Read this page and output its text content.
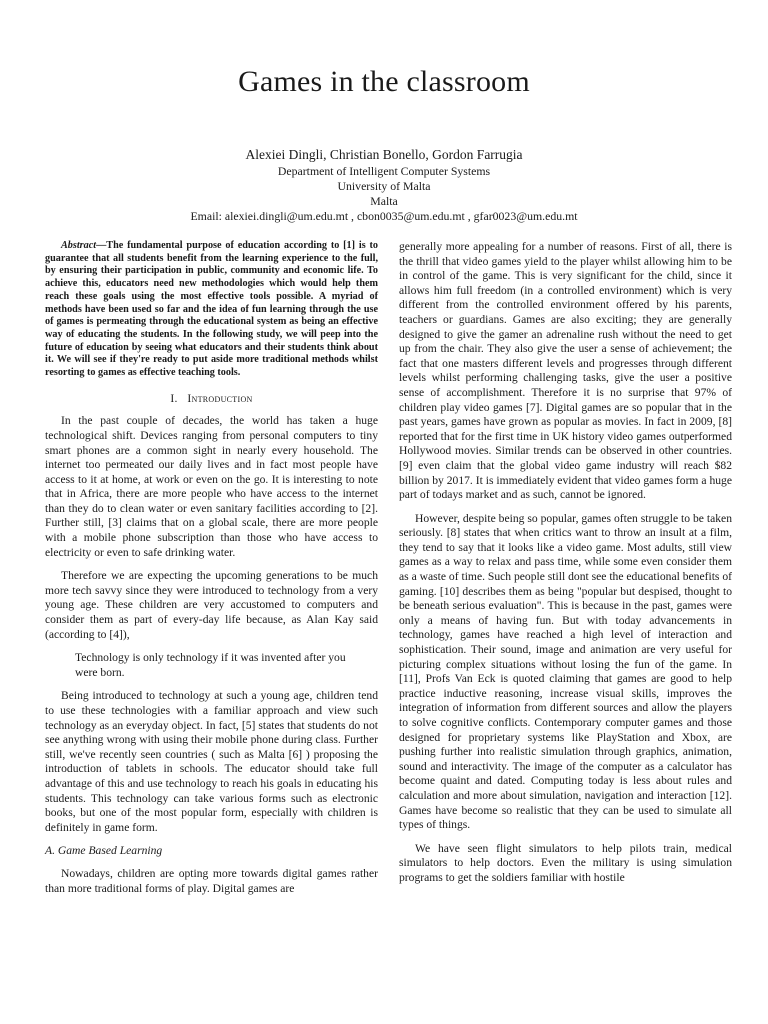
Games in the classroom
Alexiei Dingli, Christian Bonello, Gordon Farrugia
Department of Intelligent Computer Systems
University of Malta
Malta
Email: alexiei.dingli@um.edu.mt , cbon0035@um.edu.mt , gfar0023@um.edu.mt

Abstract—The fundamental purpose of education according to [1] is to guarantee that all students benefit from the learning experience to the full, by ensuring their participation in public, community and economic life. To achieve this, educators need new methodologies which would help them reach these goals using the most effective tools possible. A myriad of methods have been used so far and the idea of fun learning through the use of games is permeating through the educational system as being an effective way of educating the students. In the following study, we will peep into the future of education by seeing what educators and their students think about it. We will see if they're ready to put aside more traditional methods whilst resorting to games as effective teaching tools.

I. Introduction

In the past couple of decades, the world has taken a huge technological shift. Devices ranging from personal computers to tiny smart phones are a common sight in nearly every household. The internet too permeated our daily lives and in fact most people have access to it at home, at work or even on the go. It is interesting to note that in Africa, there are more people who have access to the internet than they do to clean water or even sanitary facilities according to [2]. Further still, [3] claims that on a global scale, there are more people with a mobile phone subscription than those who have access to electricity or even to safe drinking water.

Therefore we are expecting the upcoming generations to be much more tech savvy since they were introduced to technology from a very young age. These children are very accustomed to computers and consider them as part of every-day life because, as Alan Kay said (according to [4]),

Technology is only technology if it was invented after you were born.

Being introduced to technology at such a young age, children tend to use these technologies with a familiar approach and view such technology as an everyday object. In fact, [5] states that students do not see anything wrong with using their mobile phone during class. Further still, we've recently seen countries ( such as Malta [6] ) proposing the introduction of tablets in schools. The educator should take full advantage of this and use technology to reach his goals in educating his students. This technology can take various forms such as electronic books, but one of the most popular form, especially with children is definitely in game form.

A. Game Based Learning

Nowadays, children are opting more towards digital games rather than more traditional forms of play. Digital games are

generally more appealing for a number of reasons. First of all, there is the thrill that video games yield to the player whilst allowing him to be in control of the game. This is very significant for the child, since it allows him full freedom (in a controlled environment) which is very different from the controlled environment offered by his parents, teachers or guardians. Games are also exciting; they are generally designed to give the gamer an adrenaline rush without the need to get up from the chair. They also give the user a sense of achievement; the fact that one masters different levels and progresses through different levels whilst performing challenging tasks, give the user a positive sense of accomplishment. Therefore it is no surprise that 97% of children play video games [7]. Digital games are so popular that in the past years, games have grown as popular as movies. In fact in 2009, [8] reported that for the first time in UK history video games outperformed Hollywood movies. Similar trends can be observed in other countries. [9] even claim that the global video game industry will reach $82 billion by 2017. It is immediately evident that video games form a huge part of todays market and as such, cannot be ignored.

However, despite being so popular, games often struggle to be taken seriously. [8] states that when critics want to throw an insult at a film, they tend to say that it looks like a video game. Most adults, still view games as a way to relax and pass time, while some even consider them as a waste of time. Such people still dont see the educational benefits of gaming. [10] describes them as being "popular but despised, thought to be beneath serious evaluation". This is because in the past, games were only a means of having fun. But with today advancements in technology, games have reached a high level of interaction and sophistication. Their sound, image and animation are very useful for picturing complex situations without losing the fun of the game. In [11], Profs Van Eck is quoted claiming that games are good to help practice inductive reasoning, increase visual skills, improves the integration of information from different sources and allow the players to solve cognitive conflicts. Contemporary computer games and those designed for proprietary systems like PlayStation and Xbox, are pushing further into realistic simulation through graphics, animation, sound and interactivity. The image of the computer as a calculator has become quaint and dated. Computing today is less about rules and calculation and more about simulation, navigation and interaction [12]. Games have become so realistic that they can be used to simulate all types of things.

We have seen flight simulators to help pilots train, medical simulators to help doctors. Even the military is using simulation programs to get the soldiers familiar with hostile
